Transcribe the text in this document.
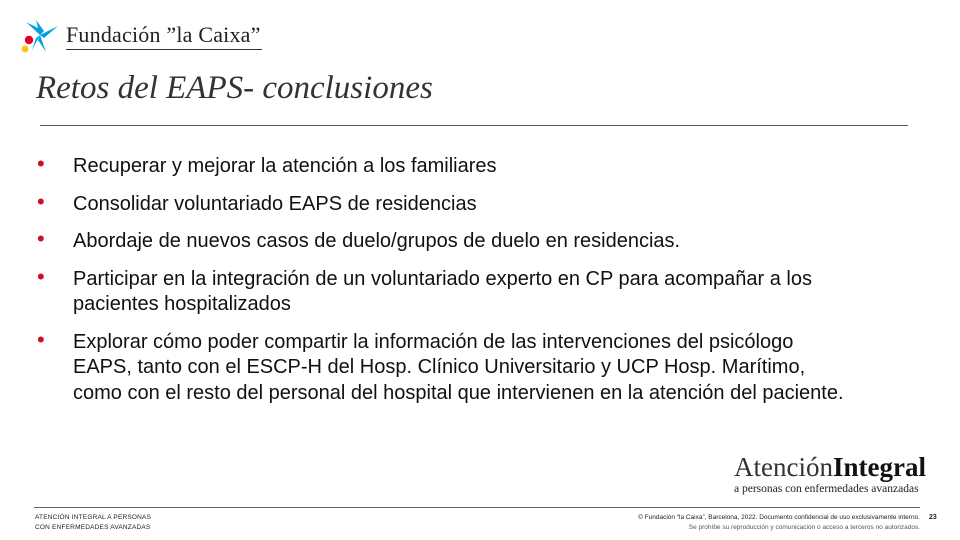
Fundación ”la Caixa”
Retos del EAPS- conclusiones
• Recuperar y mejorar la atención a los familiares
• Consolidar voluntariado EAPS de residencias
• Abordaje de nuevos casos de duelo/grupos de duelo en residencias.
• Participar en la integración de un voluntariado experto en CP para acompañar a los pacientes hospitalizados
• Explorar cómo poder compartir la información de las intervenciones del psicólogo EAPS, tanto con el ESCP-H del Hosp. Clínico Universitario y UCP Hosp. Marítimo, como con el resto del personal del hospital que intervienen en la atención del paciente.
AtenciónIntegral
a personas con enfermedades avanzadas
ATENCIÓN INTEGRAL A PERSONAS
CON ENFERMEDADES AVANZADAS
© Fundación “la Caixa”, Barcelona, 2022. Documento confidencial de uso exclusivamente interno.
Se prohíbe su reproducción y comunicación o acceso a terceros no autorizados.
23
